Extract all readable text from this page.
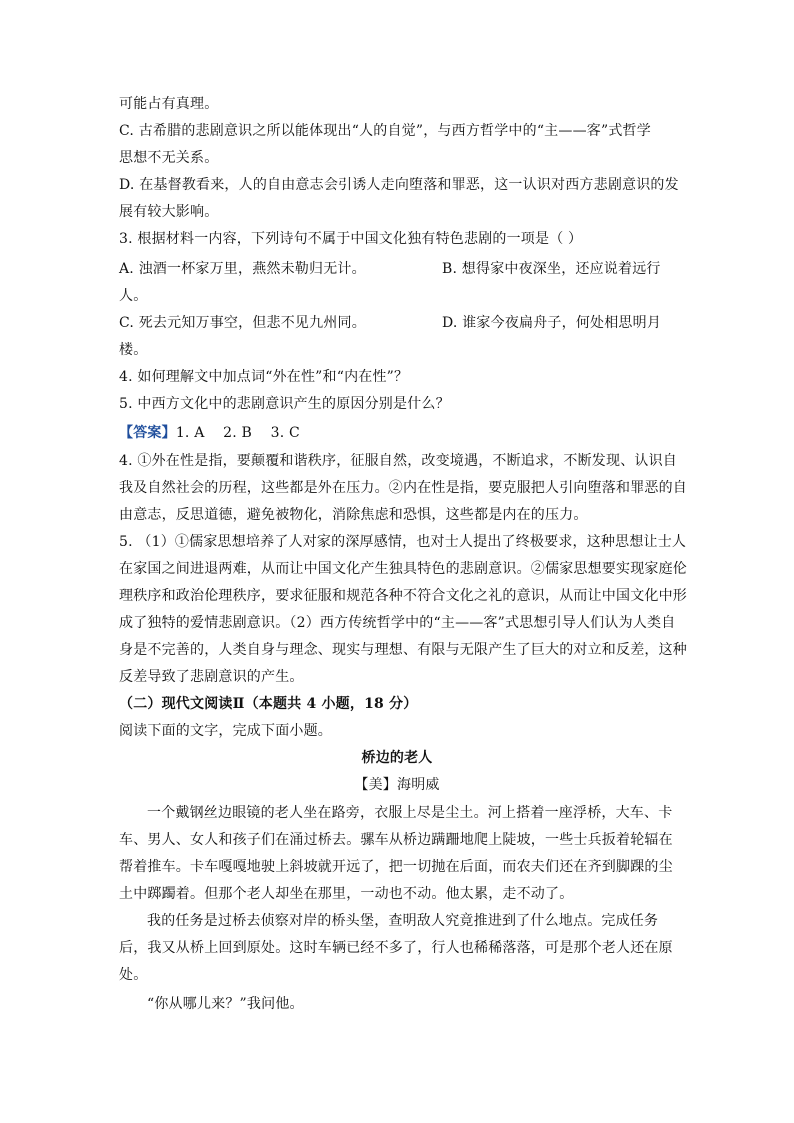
可能占有真理。
C. 古希腊的悲剧意识之所以能体现出“人的自觉”，与西方哲学中的“主——客”式哲学
思想不无关系。
D. 在基督教看来，人的自由意志会引诱人走向堕落和罪恶，这一认识对西方悲剧意识的发
展有较大影响。
3. 根据材料一内容，下列诗句不属于中国文化独有特色悲剧的一项是（ ）
A. 浊酒一杯家万里，燕然未勒归无计。	B. 想得家中夜深坐，还应说着远行
人。
C. 死去元知万事空，但悲不见九州同。	D. 谁家今夜扁舟子，何处相思明月
楼。
4. 如何理解文中加点词“外在性”和“内在性”？
5. 中西方文化中的悲剧意识产生的原因分别是什么？
【答案】1. A    2. B    3. C
4. ①外在性是指，要颠覆和谐秩序，征服自然，改变境遇，不断追求，不断发现、认识自
我及自然社会的历程，这些都是外在压力。②内在性是指，要克服把人引向堕落和罪恶的自
由意志，反思道德，避免被物化，消除焦虑和恐惧，这些都是内在的压力。
5. （1）①儒家思想培养了人对家的深厚感情，也对士人提出了终极要求，这种思想让士人
在家国之间进退两难，从而让中国文化产生独具特色的悲剧意识。②儒家思想要实现家庭伦
理秩序和政治伦理秩序，要求征服和规范各种不符合文化之礼的意识，从而让中国文化中形
成了独特的爱情悲剧意识。（2）西方传统哲学中的“主——客”式思想引导人们认为人类自
身是不完善的，人类自身与理念、现实与理想、有限与无限产生了巨大的对立和反差，这种
反差导致了悲剧意识的产生。
（二）现代文阅读Ⅱ（本题共 4 小题，18 分）
阅读下面的文字，完成下面小题。
桥边的老人
【美】海明威
一个戴钢丝边眼镜的老人坐在路旁，衣服上尽是尘土。河上搭着一座浮桥，大车、卡
车、男人、女人和孩子们在涌过桥去。骡车从桥边蹒跚地爬上陡坡，一些士兵扳着轮辐在
帮着推车。卡车嘎嘎地驶上斜坡就开远了，把一切抛在后面，而农夫们还在齐到脚踝的尘
土中踯躅着。但那个老人却坐在那里，一动也不动。他太累，走不动了。
我的任务是过桥去侦察对岸的桥头堡，查明敌人究竟推进到了什么地点。完成任务
后，我又从桥上回到原处。这时车辆已经不多了，行人也稀稀落落，可是那个老人还在原
处。
“你从哪儿来？”我问他。
